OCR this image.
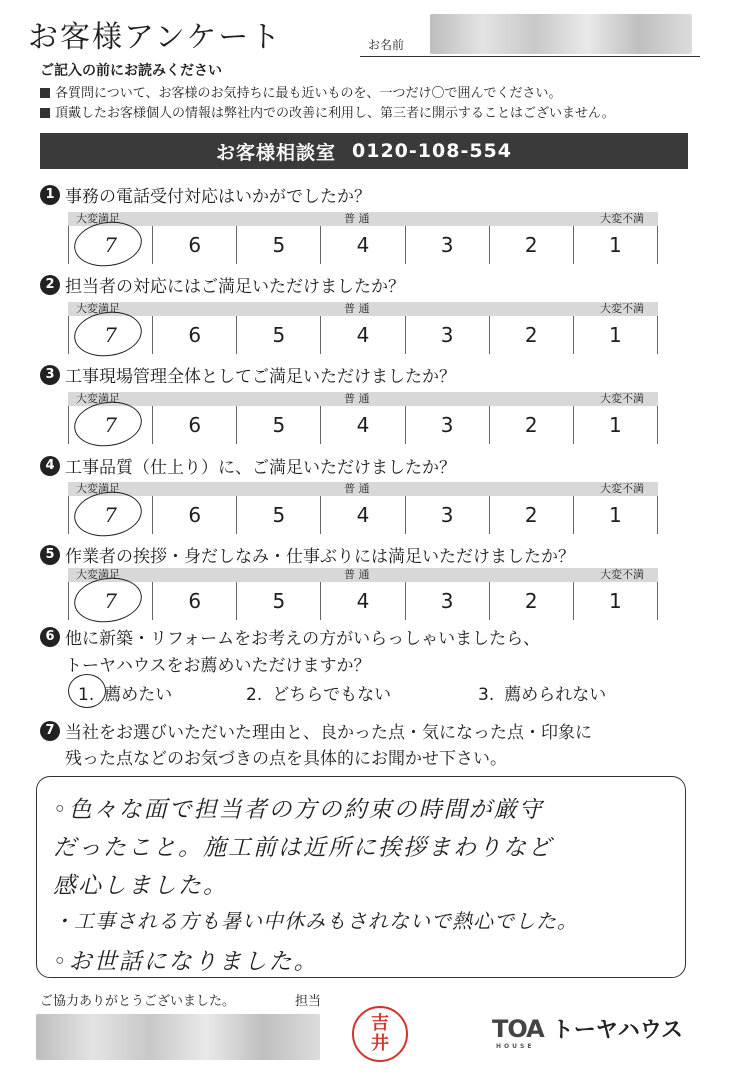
お客様アンケート	お名前
ご記入の前にお読みください
各質問について、お客様のお気持ちに最も近いものを、一つだけ〇で囲んでください。
頂戴したお客様個人の情報は弊社内での改善に利用し、第三者に開示することはございません。
お客様相談室 0120-108-554
1 事務の電話受付対応はいかがでしたか？
大変満足	普 通	大変不満
7	6	5	4	3	2	1
2 担当者の対応にはご満足いただけましたか？
大変満足	普 通	大変不満
7	6	5	4	3	2	1
3 工事現場管理全体としてご満足いただけましたか？
大変満足	普 通	大変不満
7	6	5	4	3	2	1
4 工事品質（仕上り）に、ご満足いただけましたか？
大変満足	普 通	大変不満
7	6	5	4	3	2	1
5 作業者の挨拶・身だしなみ・仕事ぶりには満足いただけましたか？
大変満足	普 通	大変不満
7	6	5	4	3	2	1
6 他に新築・リフォームをお考えの方がいらっしゃいましたら、
トーヤハウスをお薦めいただけますか？
1. 薦めたい	2. どちらでもない	3. 薦められない
7 当社をお選びいただいた理由と、良かった点・気になった点・印象に
残った点などのお気づきの点を具体的にお聞かせ下さい。
◦色々な面で担当者の方の約束の時間が厳守
だったこと。施工前は近所に挨拶まわりなど
感心しました。
・工事される方も暑い中休みもされないで熱心でした。
◦お世話になりました。
ご協力ありがとうございました。	担当
吉
井
TOA
HOUSE
トーヤハウス
